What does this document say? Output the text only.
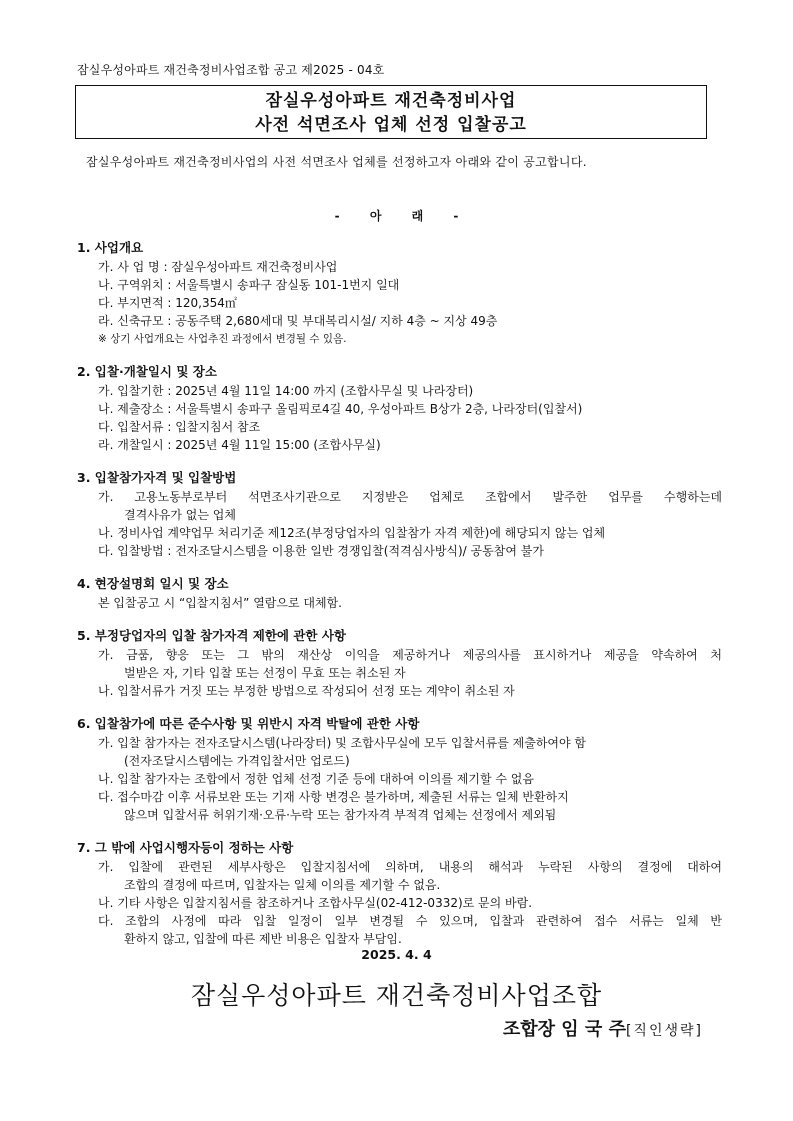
잠실우성아파트 재건축정비사업조합 공고 제2025 - 04호
잠실우성아파트 재건축정비사업
사전 석면조사 업체 선정 입찰공고
잠실우성아파트 재건축정비사업의 사전 석면조사 업체를 선정하고자 아래와 같이 공고합니다.
- 아 래 -
1. 사업개요
가. 사 업 명 : 잠실우성아파트 재건축정비사업
나. 구역위치 : 서울특별시 송파구 잠실동 101-1번지 일대
다. 부지면적 : 120,354㎡
라. 신축규모 : 공동주택 2,680세대 및 부대복리시설/ 지하 4층 ~ 지상 49층
※ 상기 사업개요는 사업추진 과정에서 변경될 수 있음.
2. 입찰·개찰일시 및 장소
가. 입찰기한 : 2025년 4월 11일 14:00 까지 (조합사무실 및 나라장터)
나. 제출장소 : 서울특별시 송파구 올림픽로4길 40, 우성아파트 B상가 2층, 나라장터(입찰서)
다. 입찰서류 : 입찰지침서 참조
라. 개찰일시 : 2025년 4월 11일 15:00 (조합사무실)
3. 입찰참가자격 및 입찰방법
가. 고용노동부로부터 석면조사기관으로 지정받은 업체로 조합에서 발주한 업무를 수행하는데
결격사유가 없는 업체
나. 정비사업 계약업무 처리기준 제12조(부정당업자의 입찰참가 자격 제한)에 해당되지 않는 업체
다. 입찰방법 : 전자조달시스템을 이용한 일반 경쟁입찰(적격심사방식)/ 공동참여 불가
4. 현장설명회 일시 및 장소
본 입찰공고 시 “입찰지침서” 열람으로 대체함.
5. 부정당업자의 입찰 참가자격 제한에 관한 사항
가. 금품, 향응 또는 그 밖의 재산상 이익을 제공하거나 제공의사를 표시하거나 제공을 약속하여 처
벌받은 자, 기타 입찰 또는 선정이 무효 또는 취소된 자
나. 입찰서류가 거짓 또는 부정한 방법으로 작성되어 선정 또는 계약이 취소된 자
6. 입찰참가에 따른 준수사항 및 위반시 자격 박탈에 관한 사항
가. 입찰 참가자는 전자조달시스템(나라장터) 및 조합사무실에 모두 입찰서류를 제출하여야 함
(전자조달시스템에는 가격입찰서만 업로드)
나. 입찰 참가자는 조합에서 정한 업체 선정 기준 등에 대하여 이의를 제기할 수 없음
다. 접수마감 이후 서류보완 또는 기재 사항 변경은 불가하며, 제출된 서류는 일체 반환하지
않으며 입찰서류 허위기재·오류·누락 또는 참가자격 부적격 업체는 선정에서 제외됨
7. 그 밖에 사업시행자등이 정하는 사항
가. 입찰에 관련된 세부사항은 입찰지침서에 의하며, 내용의 해석과 누락된 사항의 결정에 대하여
조합의 결정에 따르며, 입찰자는 일체 이의를 제기할 수 없음.
나. 기타 사항은 입찰지침서를 참조하거나 조합사무실(02-412-0332)로 문의 바람.
다. 조합의 사정에 따라 입찰 일정이 일부 변경될 수 있으며, 입찰과 관련하여 접수 서류는 일체 반
환하지 않고, 입찰에 따른 제반 비용은 입찰자 부담임.
2025. 4. 4
잠실우성아파트 재건축정비사업조합
조합장 임 국 주[직인생략]
